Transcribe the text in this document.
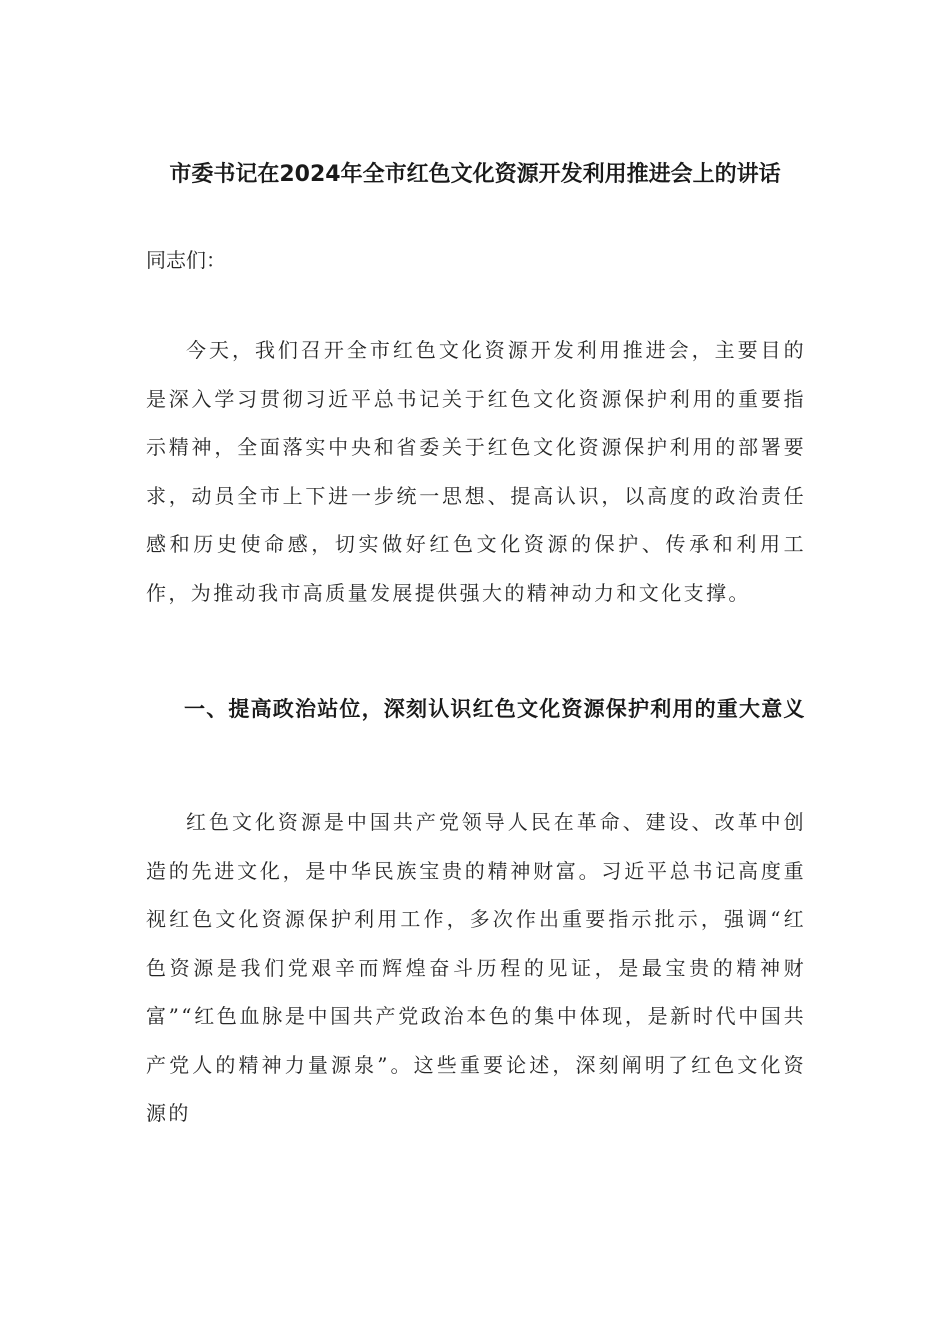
市委书记在2024年全市红色文化资源开发利用推进会上的讲话
同志们：

今天，我们召开全市红色文化资源开发利用推进会，主要目的是深入学习贯彻习近平总书记关于红色文化资源保护利用的重要指示精神，全面落实中央和省委关于红色文化资源保护利用的部署要求，动员全市上下进一步统一思想、提高认识，以高度的政治责任感和历史使命感，切实做好红色文化资源的保护、传承和利用工作，为推动我市高质量发展提供强大的精神动力和文化支撑。

一、提高政治站位，深刻认识红色文化资源保护利用的重大意义

红色文化资源是中国共产党领导人民在革命、建设、改革中创造的先进文化，是中华民族宝贵的精神财富。习近平总书记高度重视红色文化资源保护利用工作，多次作出重要指示批示，强调“红色资源是我们党艰辛而辉煌奋斗历程的见证，是最宝贵的精神财富”“红色血脉是中国共产党政治本色的集中体现，是新时代中国共产党人的精神力量源泉”。这些重要论述，深刻阐明了红色文化资源的
